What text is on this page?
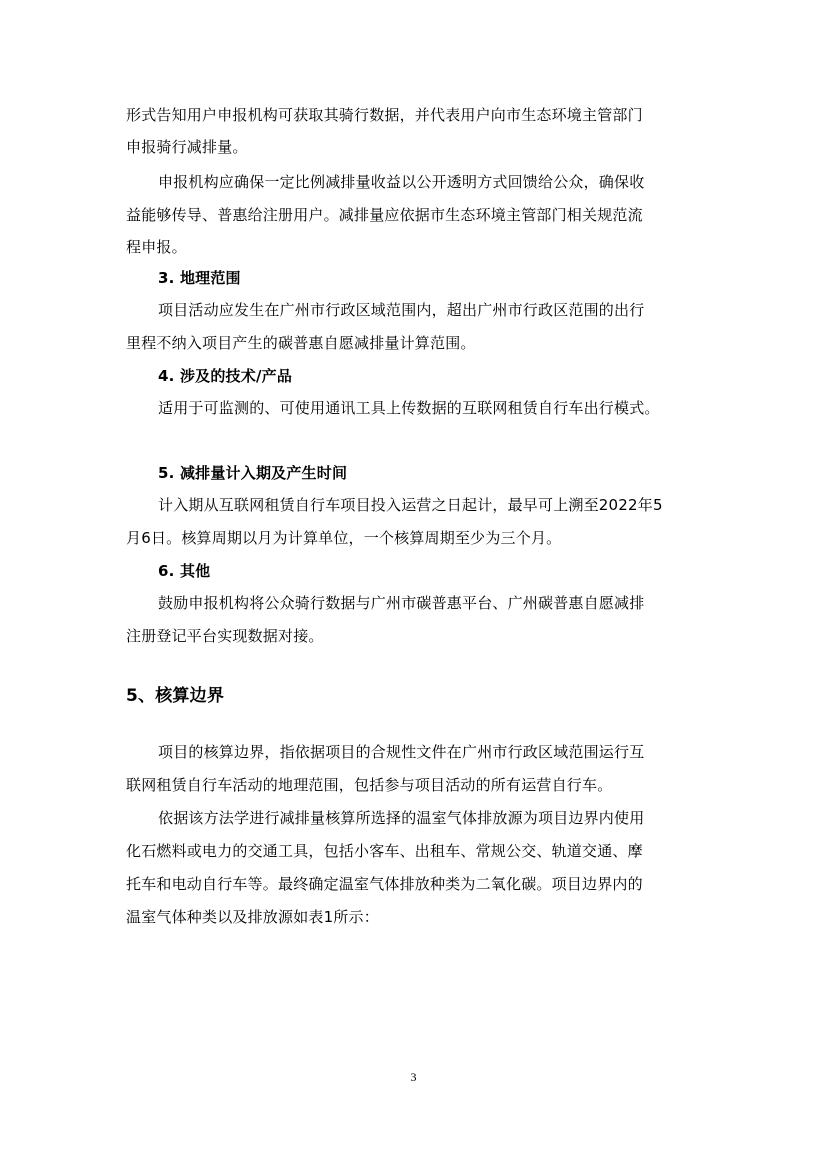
形式告知用户申报机构可获取其骑行数据，并代表用户向市生态环境主管部门
申报骑行减排量。
申报机构应确保一定比例减排量收益以公开透明方式回馈给公众，确保收
益能够传导、普惠给注册用户。减排量应依据市生态环境主管部门相关规范流
程申报。
3. 地理范围
项目活动应发生在广州市行政区域范围内，超出广州市行政区范围的出行
里程不纳入项目产生的碳普惠自愿减排量计算范围。
4. 涉及的技术/产品
适用于可监测的、可使用通讯工具上传数据的互联网租赁自行车出行模式。
5. 减排量计入期及产生时间
计入期从互联网租赁自行车项目投入运营之日起计，最早可上溯至2022年5
月6日。核算周期以月为计算单位，一个核算周期至少为三个月。
6. 其他
鼓励申报机构将公众骑行数据与广州市碳普惠平台、广州碳普惠自愿减排
注册登记平台实现数据对接。
5、核算边界
项目的核算边界，指依据项目的合规性文件在广州市行政区域范围运行互
联网租赁自行车活动的地理范围，包括参与项目活动的所有运营自行车。
依据该方法学进行减排量核算所选择的温室气体排放源为项目边界内使用
化石燃料或电力的交通工具，包括小客车、出租车、常规公交、轨道交通、摩
托车和电动自行车等。最终确定温室气体排放种类为二氧化碳。项目边界内的
温室气体种类以及排放源如表1所示：
3
